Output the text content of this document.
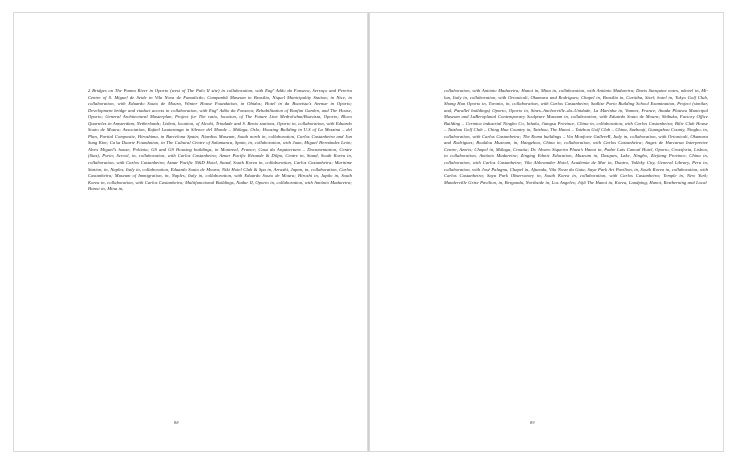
2 Bridges on The Panna River in Oporto (west of The Palo II site) in collaboration, with Engº Adão da Fonseca, Serraço and Pereira Centre of S. Miguel de Seide in Vila Nova de Famalicão; Campanhã Museum in Brasília, Niquel Municipality Station; in Nice, in collaboration, with Eduardo Souto de Moura, Winter House Foundation, in Obidos; Hotel in da Boavista’s Avenue in Oporto; Development bridge and viaduct access in collaboration, with Engº Adão da Fonseca; Rehabilitation of Bonfim Garden, and The House, Oporto; General Architectural Masterplan, Project for The ratio, location, of The Future Line Medrolwhat/Boavista, Oporto; Bloco Quarteles in Amsterdam, Netherlands; Lisbon, location, of Alcobi, Trindade and S. Bento stations, Oporto in, collaboration, with Eduardo Souto de Moura; Association, Rafael Lautaranga in Silence del Monde – Málaga, Oslo; Housing Building in U.S of La Mezzina – del Plan, Partial Composite, Hiroshima, in Barcelona Spain; Niardiss Museum, South north in, collaboration, Carlos Castanheira and Jun Sung Kim; Ca’sa Duarte Foundation, in The Cultural Centre of Salamanca, Spain, in, collaboration, with Juan, Miguel Hernández León; Alves Miguel’s house, Polónia; GS and GS Housing buildings, in Montreal, France; Casa da Arquitectura – Documentation, Centre (Sias), Porto; Scrool, in, collaboration, with Carlos Castanheira; Aznar Pacific Résande & Dilpa, Centre in, Stand, South Korea in, collaboration, with Carlos Castanheira; Aznar Pacific N&D Hotel, Stand, South Korea in, collaboration, Carlos Castanheira; Maritime Station, in, Naples, Italy in, collaboration, Eduardo Souto de Moura; Niki Hotel Club & Spa in, Arrashi, Japan, in, collaboration, Carlos Castanheira; Museum of Immigration, in, Naples, Italy in, collaboration, with Eduardo Souto de Moura; Hiroshi in, Japão in, South Korea in, collaboration, with Carlos Castanheira; Multifunctional Buildings, Nadur II, Oporto in, collaboration, with António Madureira; Hanoi in, Mina in,
collaboration, with António Madureira; Hanoi in, Mina in, collaboration, with António Madureira; Davis Starquine notes, nãovel in, Milan, Italy in, collaboration, with Ortonicali, Okumura and Rodrigues; Chapel in, Brasília in, Curitiba, Sisel; hotel in, Tokyo Golf Club, Shang Hun Oporto in, Toronto, in, collaboration, with Carlos Castanheira; Sadlise Porto Building School Examination, Project (similar, and, Parallel buildings) Oporto, Oporto in, Sines–Anchorville–da–Unidade, La Marinha in, Vannes, France; Anada Plateau Municipal Museum and LuBeroplanal Contemporary Sculpture Museum in, collaboration, with Eduardo Souto de Moura; Shibuka, Factory Office Building – Cermica industrial Ningbo Co, Inhala, Jiangsu Province, China in, collaboration, with Carlos Castanheira; Bilic Club House – Taizhou Golf Club – Ching Hua Country in, Taizhou, The Hanoi – Taizhou Golf Club – China, Suzhouji, Guangzhou County, Ningbo, in, collaboration, with Carlos Castanheira; The Roma buildings – Via Monforte GallereR, Italy in, collaboration, with Ortonicali, Okumura and Rodrigues; Bouldou Museum, in, Hangzhou, China in, collaboration, with Carlos Castanheira; Anges de Harcarua Interpretive Centre, Azoris; Chapel in, Málaga, Croatia; Dr. Alvaro Siqueira Plaza’s Hanoi in, Padre Luis Canoal Hotel, Oporto, Crossforia, Lisbon, in collaboration, António Madureira; Zinging Ethnic Education, Museum in, Dasques, Lake, Ningbo, Ziejiang Province, China in, collaboration, with Carlos Castanheira; Vila Aldovander Hotel, Academia de Mar in, Duatro, Valleky City, General Library, Peru in, collaboration, with José Palagnu, Chapel in, Afuenda, Vila Nova da Gaia; Saya Park Art Pavilion, in, South Korea in, collaboration, with Carlos Castanheira; Saya Park Observatory in, South Korea in, collaboration, with Carlos Castanheira; Temple in, New York; Manderville Grise Pavilion, in, Bergonda, Northside in, Los Angeles; Jójã The Hanoi in, Korea, Landping, Hanoi, Restherning and Local
88	89
